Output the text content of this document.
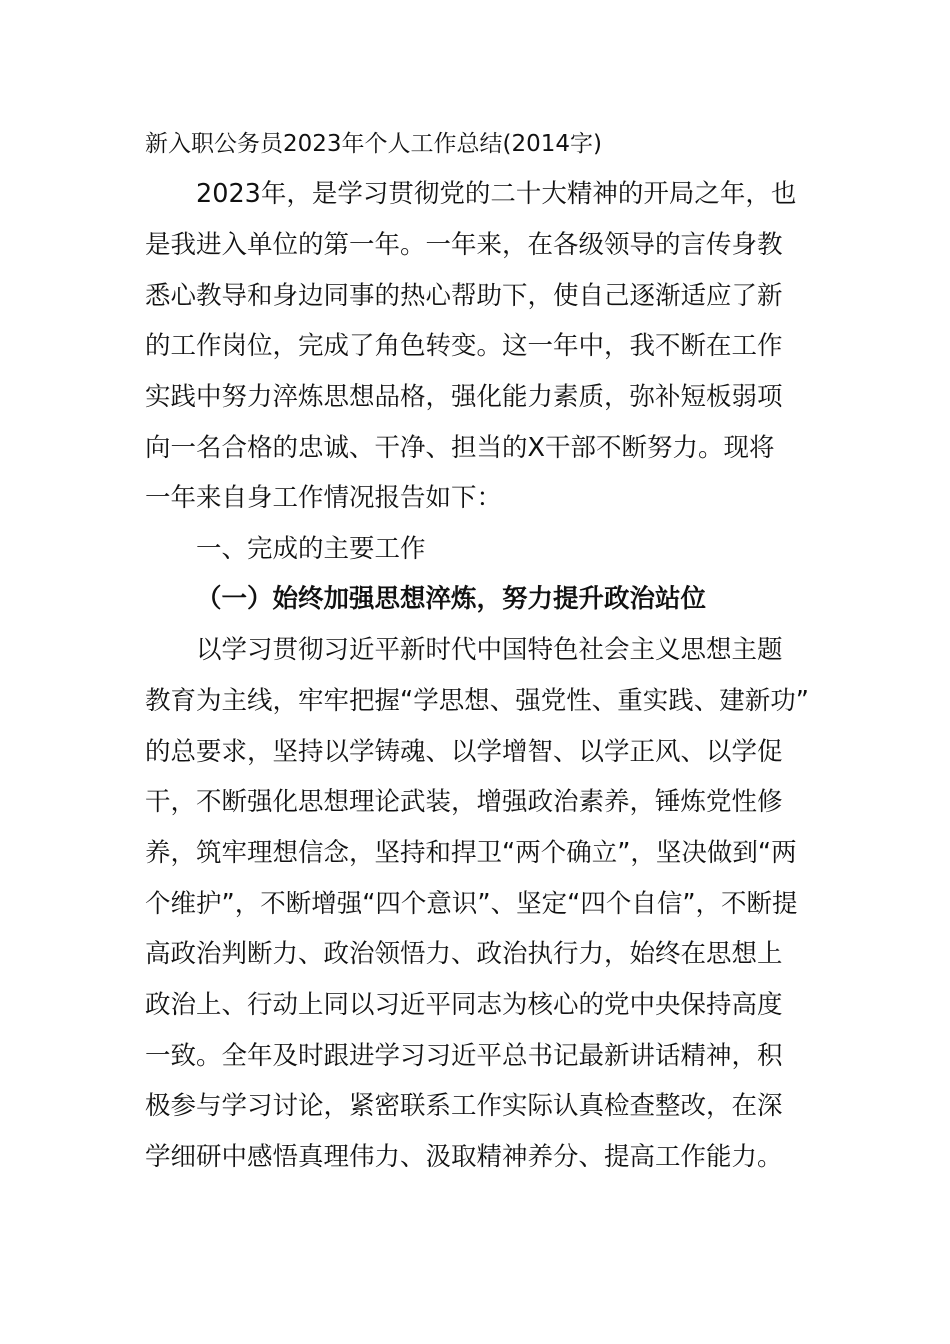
新入职公务员2023年个人工作总结(2014字)
2023年，是学习贯彻党的二十大精神的开局之年，也
是我进入单位的第一年。一年来，在各级领导的言传身教
悉心教导和身边同事的热心帮助下，使自己逐渐适应了新
的工作岗位，完成了角色转变。这一年中，我不断在工作
实践中努力淬炼思想品格，强化能力素质，弥补短板弱项
向一名合格的忠诚、干净、担当的X干部不断努力。现将
一年来自身工作情况报告如下：
一、完成的主要工作
（一）始终加强思想淬炼，努力提升政治站位
以学习贯彻习近平新时代中国特色社会主义思想主题
教育为主线，牢牢把握“学思想、强党性、重实践、建新功”
的总要求，坚持以学铸魂、以学增智、以学正风、以学促
干，不断强化思想理论武装，增强政治素养，锤炼党性修
养，筑牢理想信念，坚持和捍卫“两个确立”，坚决做到“两
个维护”，不断增强“四个意识”、坚定“四个自信”，不断提
高政治判断力、政治领悟力、政治执行力，始终在思想上
政治上、行动上同以习近平同志为核心的党中央保持高度
一致。全年及时跟进学习习近平总书记最新讲话精神，积
极参与学习讨论，紧密联系工作实际认真检查整改，在深
学细研中感悟真理伟力、汲取精神养分、提高工作能力。
